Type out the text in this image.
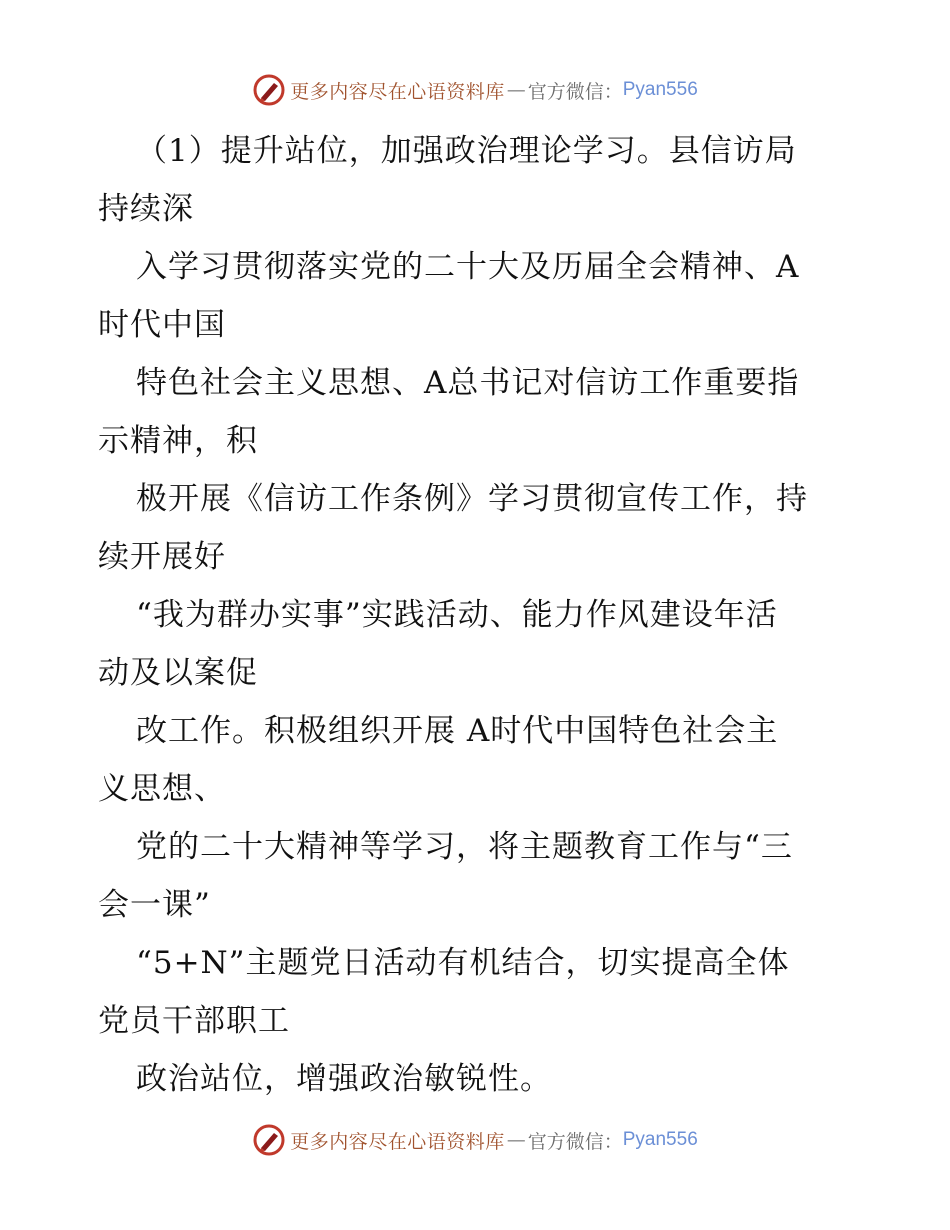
更多内容尽在心语资料库 — 官方微信： Pyan556

（1）提升站位，加强政治理论学习。县信访局
持续深

入学习贯彻落实党的二十大及历届全会精神、A
时代中国

特色社会主义思想、A总书记对信访工作重要指
示精神，积

极开展《信访工作条例》学习贯彻宣传工作，持
续开展好

“我为群办实事”实践活动、能力作风建设年活
动及以案促

改工作。积极组织开展 A时代中国特色社会主
义思想、

党的二十大精神等学习，将主题教育工作与“三
会一课”

“5+N”主题党日活动有机结合，切实提高全体
党员干部职工

政治站位，增强政治敏锐性。

更多内容尽在心语资料库 — 官方微信： Pyan556
